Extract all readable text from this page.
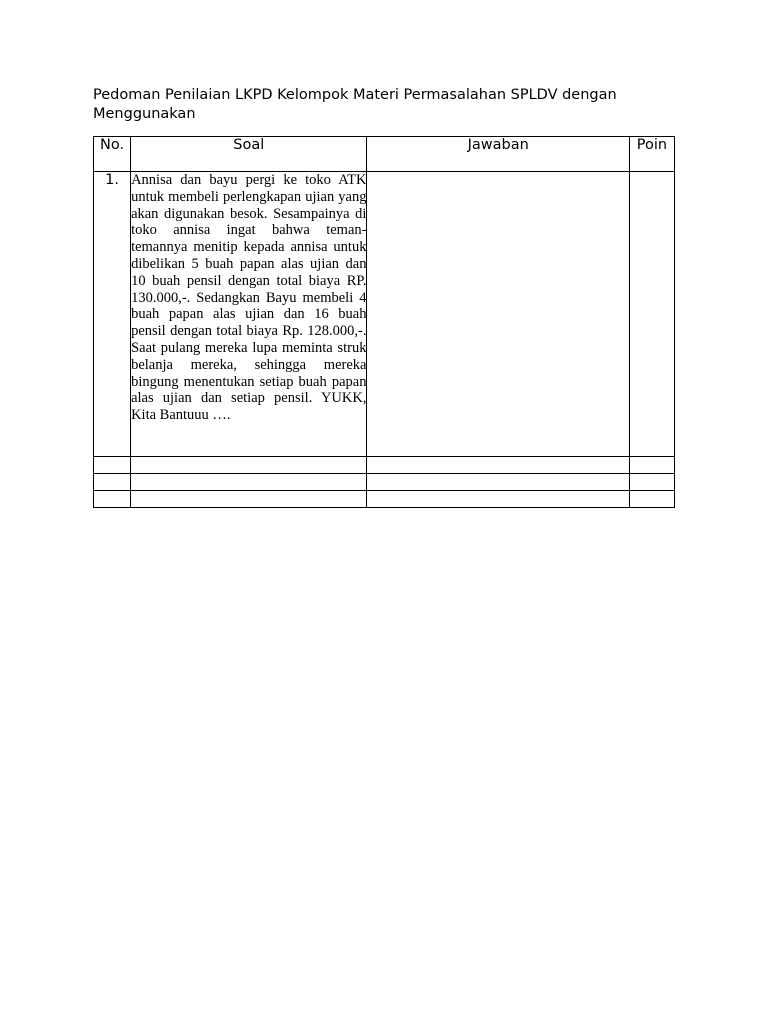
Pedoman Penilaian LKPD Kelompok Materi Permasalahan SPLDV dengan Menggunakan

No.	Soal	Jawaban	Poin
1.	Annisa dan bayu pergi ke toko ATK untuk membeli perlengkapan ujian yang akan digunakan besok. Sesampainya di toko annisa ingat bahwa teman-temannya menitip kepada annisa untuk dibelikan 5 buah papan alas ujian dan 10 buah pensil dengan total biaya RP. 130.000,-. Sedangkan Bayu membeli 4 buah papan alas ujian dan 16 buah pensil dengan total biaya Rp. 128.000,-. Saat pulang mereka lupa meminta struk belanja mereka, sehingga mereka bingung menentukan setiap buah papan alas ujian dan setiap pensil. YUKK, Kita Bantuuu ….		
